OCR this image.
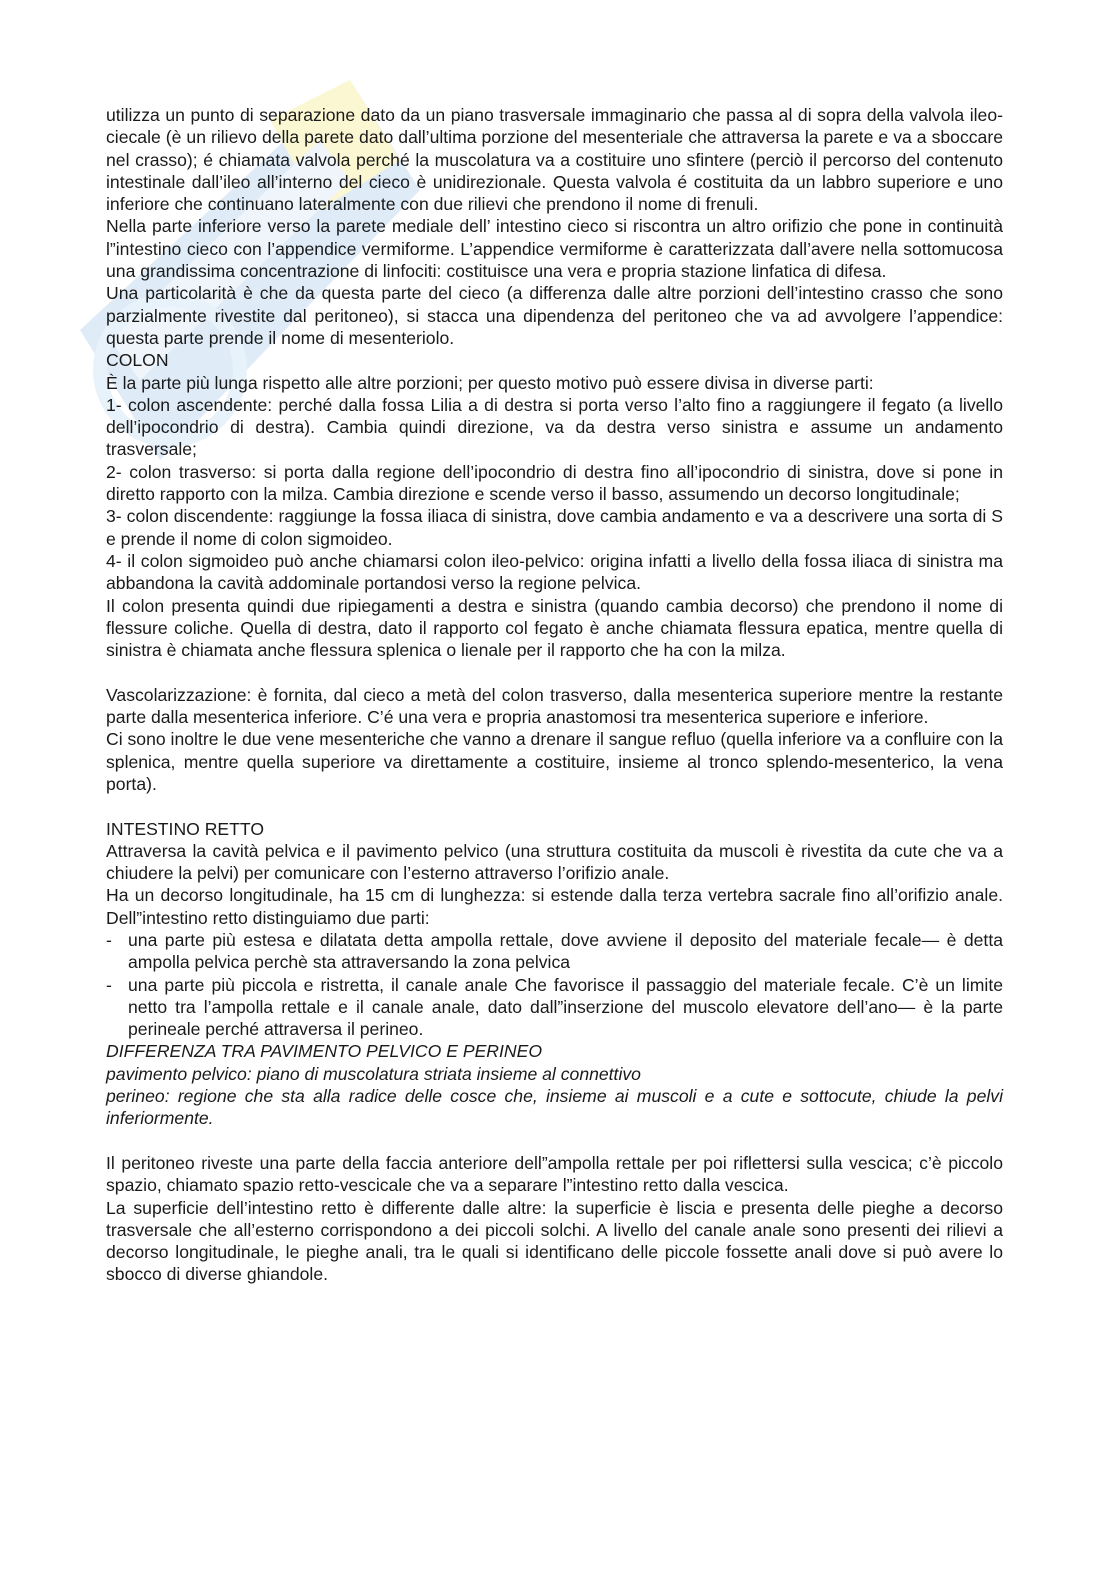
utilizza un punto di separazione dato da un piano trasversale immaginario che passa al di sopra della valvola ileo-ciecale (è un rilievo della parete dato dall’ultima porzione del mesenteriale che attraversa la parete e va a sboccare nel crasso); é chiamata valvola perché la muscolatura va a costituire uno sfintere (perciò il percorso del contenuto intestinale dall’ileo all’interno del cieco è unidirezionale. Questa valvola é costituita da un labbro superiore e uno inferiore che continuano lateralmente con due rilievi che prendono il nome di frenuli.

Nella parte inferiore verso la parete mediale dell’ intestino cieco si riscontra un altro orifizio che pone in continuità l”intestino cieco con l’appendice vermiforme. L’appendice vermiforme è caratterizzata dall’avere nella sottomucosa una grandissima concentrazione di linfociti: costituisce una vera e propria stazione linfatica di difesa.

Una particolarità è che da questa parte del cieco (a differenza dalle altre porzioni dell’intestino crasso che sono parzialmente rivestite dal peritoneo), si stacca una dipendenza del peritoneo che va ad avvolgere l’appendice: questa parte prende il nome di mesenteriolo.

COLON

È la parte più lunga rispetto alle altre porzioni; per questo motivo può essere divisa in diverse parti:

1- colon ascendente: perché dalla fossa Lilia a di destra si porta verso l’alto fino a raggiungere il fegato (a livello dell’ipocondrio di destra). Cambia quindi direzione, va da destra verso sinistra e assume un andamento trasversale;

2- colon trasverso: si porta dalla regione dell’ipocondrio di destra fino all’ipocondrio di sinistra, dove si pone in diretto rapporto con la milza. Cambia direzione e scende verso il basso, assumendo un decorso longitudinale;

3- colon discendente: raggiunge la fossa iliaca di sinistra, dove cambia andamento e va a descrivere una sorta di S e prende il nome di colon sigmoideo.

4- il colon sigmoideo può anche chiamarsi colon ileo-pelvico: origina infatti a livello della fossa iliaca di sinistra ma abbandona la cavità addominale portandosi verso la regione pelvica.

Il colon presenta quindi due ripiegamenti a destra e sinistra (quando cambia decorso) che prendono il nome di flessure coliche. Quella di destra, dato il rapporto col fegato è anche chiamata flessura epatica, mentre quella di sinistra è chiamata anche flessura splenica o lienale per il rapporto che ha con la milza.

Vascolarizzazione: è fornita, dal cieco a metà del colon trasverso, dalla mesenterica superiore mentre la restante parte dalla mesenterica inferiore. C’é una vera e propria anastomosi tra mesenterica superiore e inferiore.

Ci sono inoltre le due vene mesenteriche che vanno a drenare il sangue refluo (quella inferiore va a confluire con la splenica, mentre quella superiore va direttamente a costituire, insieme al tronco splendo-mesenterico, la vena porta).

INTESTINO RETTO

Attraversa la cavità pelvica e il pavimento pelvico (una struttura costituita da muscoli è rivestita da cute che va a chiudere la pelvi) per comunicare con l’esterno attraverso l’orifizio anale.

Ha un decorso longitudinale, ha 15 cm di lunghezza: si estende dalla terza vertebra sacrale fino all’orifizio anale. Dell”intestino retto distinguiamo due parti:

- una parte più estesa e dilatata detta ampolla rettale, dove avviene il deposito del materiale fecale— è detta ampolla pelvica perchè sta attraversando la zona pelvica
- una parte più piccola e ristretta, il canale anale Che favorisce il passaggio del materiale fecale. C’è un limite netto tra l’ampolla rettale e il canale anale, dato dall”inserzione del muscolo elevatore dell’ano— è la parte perineale perché attraversa il perineo.

DIFFERENZA TRA PAVIMENTO PELVICO E PERINEO

pavimento pelvico: piano di muscolatura striata insieme al connettivo

perineo: regione che sta alla radice delle cosce che, insieme ai muscoli e a cute e sottocute, chiude la pelvi inferiormente.

Il peritoneo riveste una parte della faccia anteriore dell”ampolla rettale per poi riflettersi sulla vescica; c’è piccolo spazio, chiamato spazio retto-vescicale che va a separare l”intestino retto dalla vescica.

La superficie dell’intestino retto è differente dalle altre: la superficie è liscia e presenta delle pieghe a decorso trasversale che all’esterno corrispondono a dei piccoli solchi. A livello del canale anale sono presenti dei rilievi a decorso longitudinale, le pieghe anali, tra le quali si identificano delle piccole fossette anali dove si può avere lo sbocco di diverse ghiandole.
